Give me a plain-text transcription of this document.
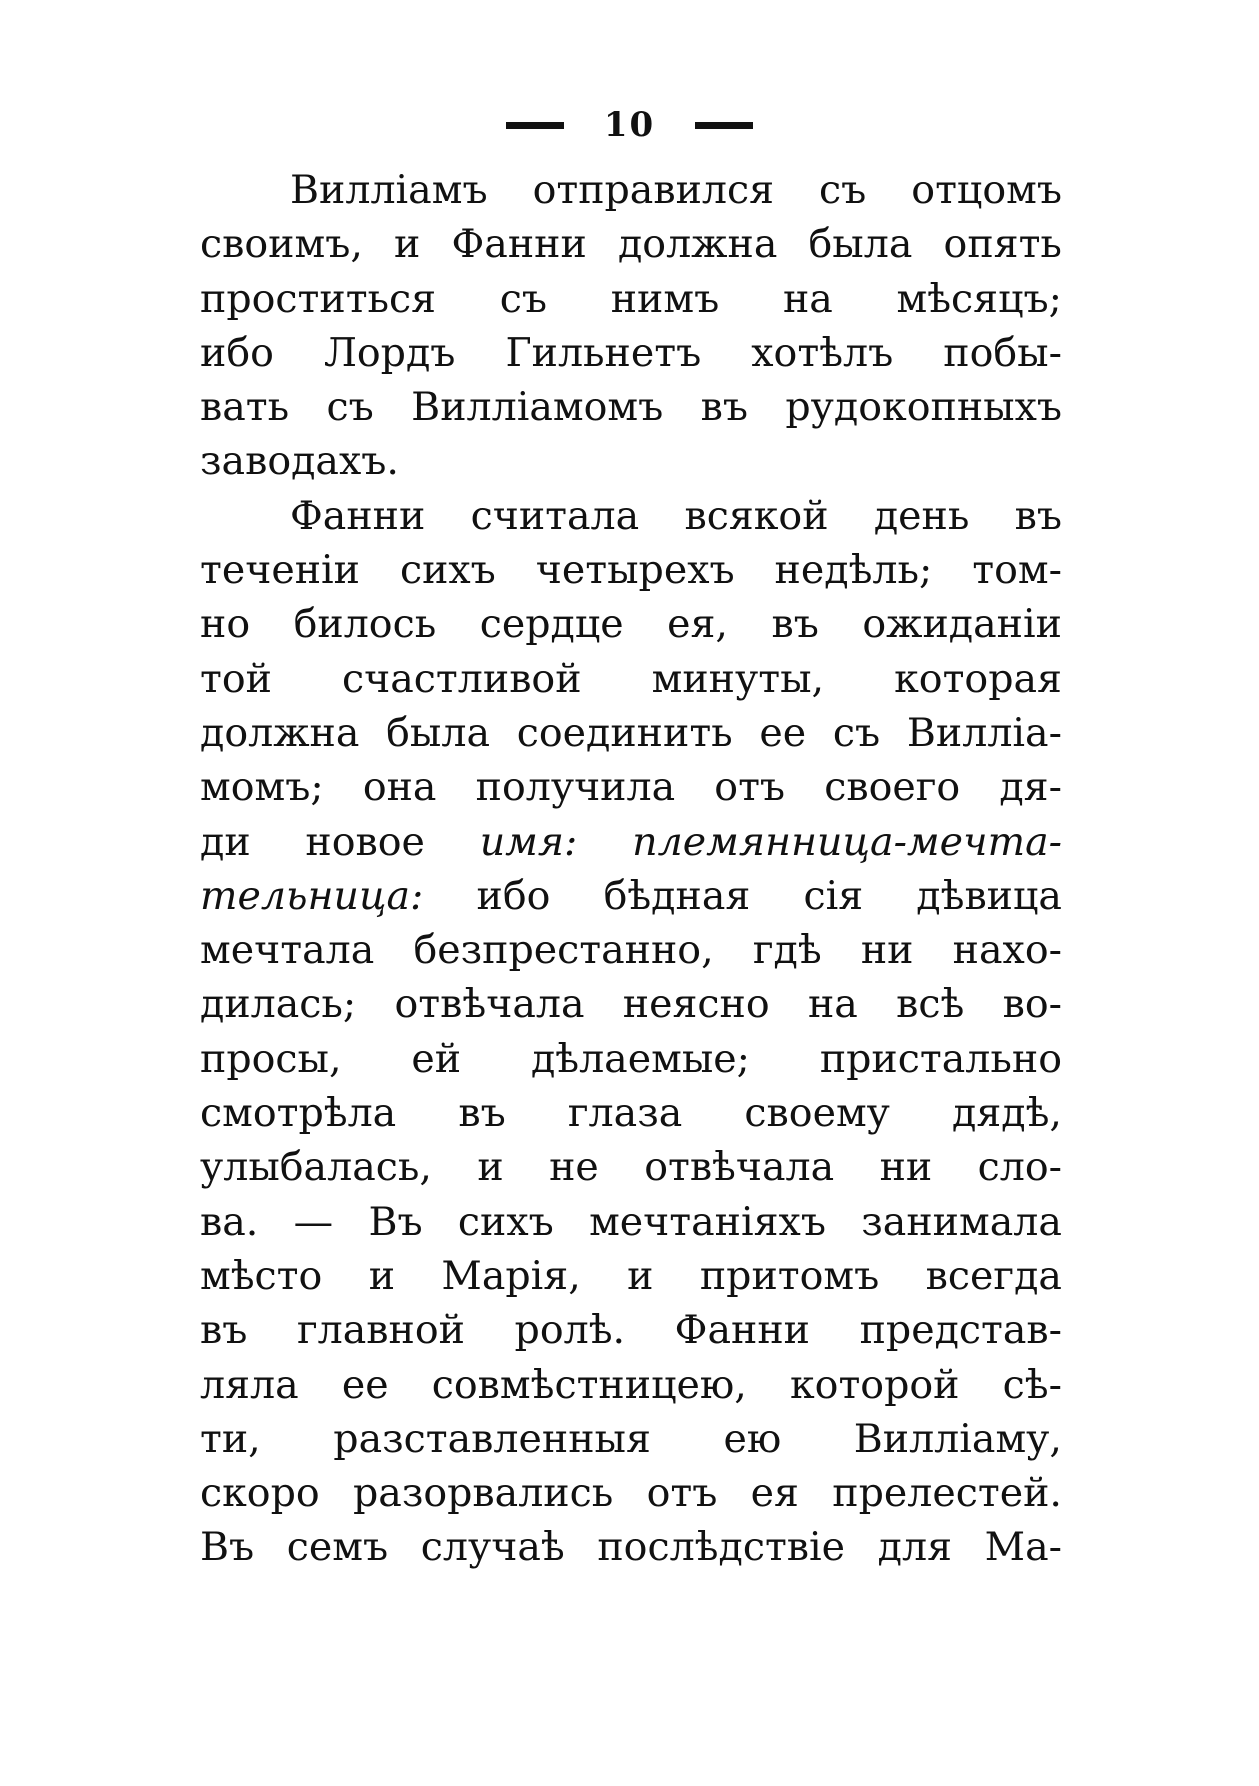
10
Вилліамъ отправился съ отцомъ
своимъ, и Фанни должна была опять
проститься съ нимъ на мѣсяцъ;
ибо Лордъ Гильнетъ хотѣлъ побы-
вать съ Вилліамомъ въ рудокопныхъ
заводахъ.
Фанни считала всякой день въ
теченіи сихъ четырехъ недѣль; том-
но билось сердце ея, въ ожиданіи
той счастливой минуты, которая
должна была соединить ее съ Вилліа-
момъ; она получила отъ своего дя-
ди новое имя: племянница-мечта-
тельница: ибо бѣдная сія дѣвица
мечтала безпрестанно, гдѣ ни нахо-
дилась; отвѣчала неясно на всѣ во-
просы, ей дѣлаемые; пристально
смотрѣла въ глаза своему дядѣ,
улыбалась, и не отвѣчала ни сло-
ва. — Въ сихъ мечтаніяхъ занимала
мѣсто и Марія, и притомъ всегда
въ главной ролѣ. Фанни представ-
ляла ее совмѣстницею, которой сѣ-
ти, разставленныя ею Вилліаму,
скоро разорвались отъ ея прелестей.
Въ семъ случаѣ послѣдствіе для Ма-
